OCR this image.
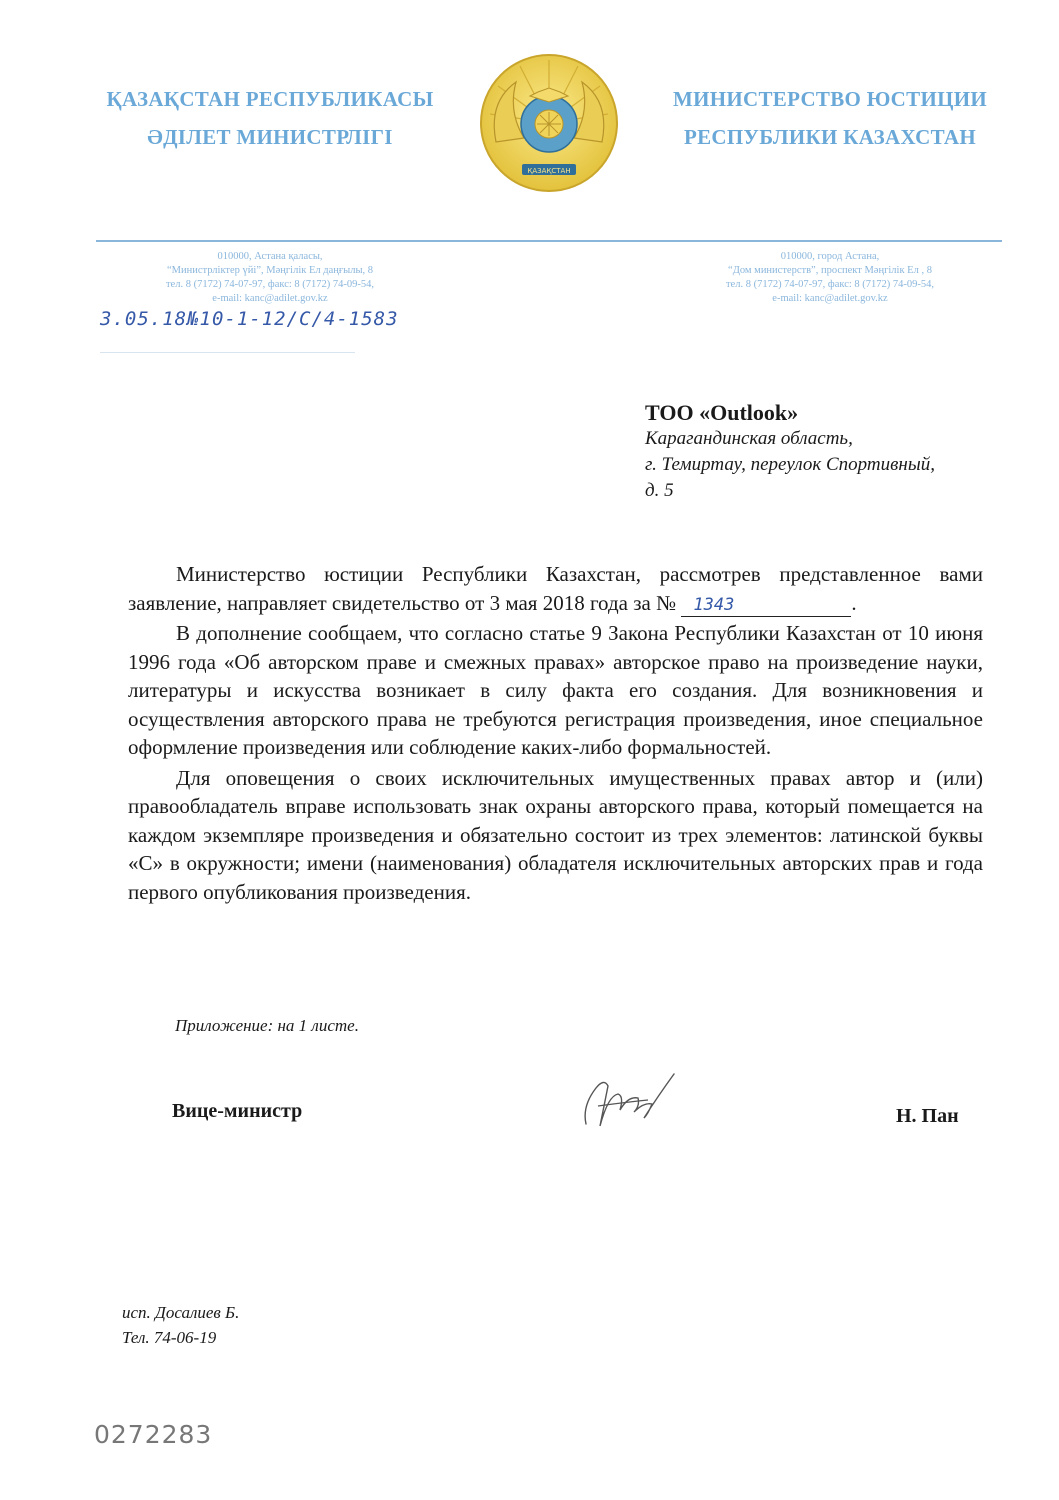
ҚАЗАҚСТАН РЕСПУБЛИКАСЫ
ӘДІЛЕТ МИНИСТРЛІГІ
МИНИСТЕРСТВО ЮСТИЦИИ
РЕСПУБЛИКИ КАЗАХСТАН
ҚАЗАҚСТАН
010000, Астана қаласы,
“Министрліктер үйі”, Мәңгілік Ел даңғылы, 8
тел. 8 (7172) 74-07-97, факс: 8 (7172) 74-09-54,
e-mail: kanc@adilet.gov.kz
010000, город Астана,
“Дом министерств”, проспект Мәңгілік Ел , 8
тел. 8 (7172) 74-07-97, факс: 8 (7172) 74-09-54,
e-mail: kanc@adilet.gov.kz
3.05.18№10-1-12/С/4-1583
ТОО «Outlook»
Карагандинская область,
г. Темиртау, переулок Спортивный,
д. 5

Министерство юстиции Республики Казахстан, рассмотрев представленное вами заявление, направляет свидетельство от 3 мая 2018 года за № 1343	.

В дополнение сообщаем, что согласно статье 9 Закона Республики Казахстан от 10 июня 1996 года «Об авторском праве и смежных правах» авторское право на произведение науки, литературы и искусства возникает в силу факта его создания. Для возникновения и осуществления авторского права не требуются регистрация произведения, иное специальное оформление произведения или соблюдение каких-либо формальностей.

Для оповещения о своих исключительных имущественных правах автор и (или) правообладатель вправе использовать знак охраны авторского права, который помещается на каждом экземпляре произведения и обязательно состоит из трех элементов: латинской буквы «С» в окружности; имени (наименования) обладателя исключительных авторских прав и года первого опубликования произведения.

Приложение: на 1 листе.
Вице-министр	Н. Пан
исп. Досалиев Б.
Тел. 74-06-19
0272283
